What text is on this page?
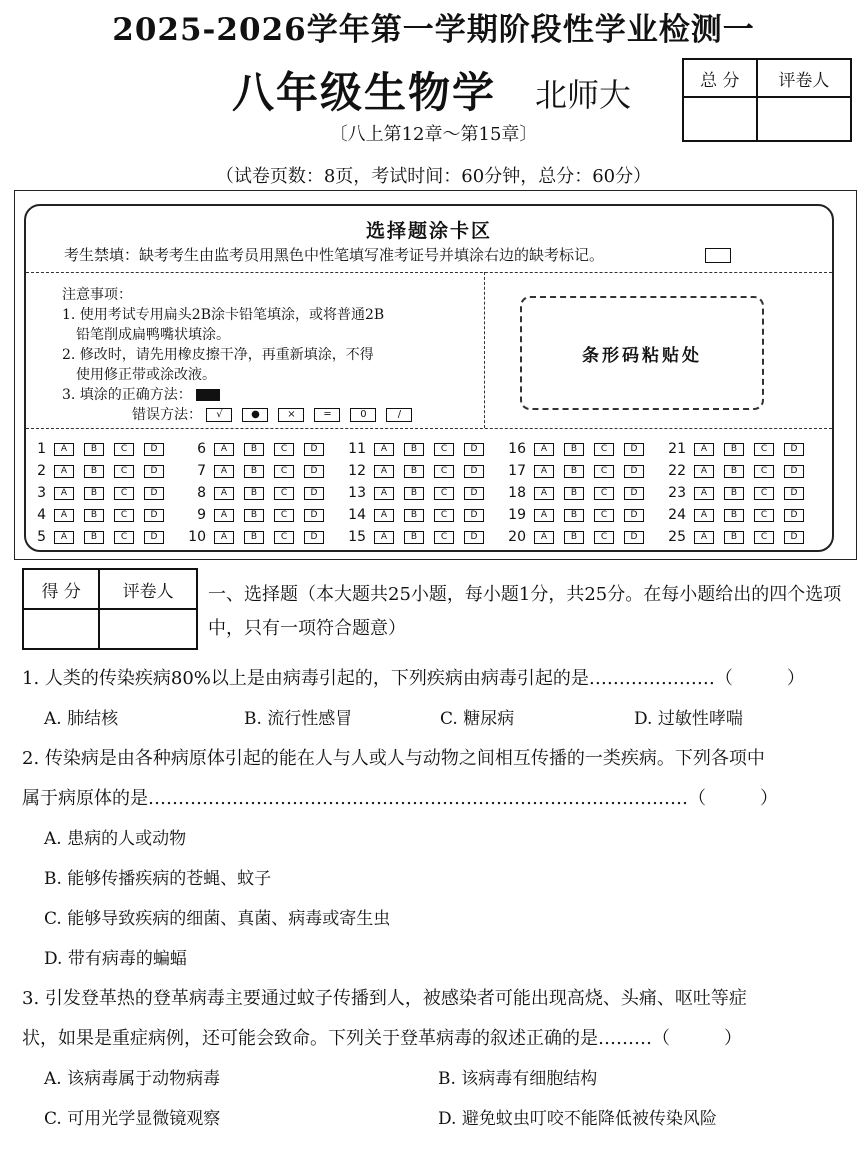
2025-2026学年第一学期阶段性学业检测一
八年级生物学 北师大
〔八上第12章～第15章〕
（试卷页数：8页，考试时间：60分钟，总分：60分）
总 分	评卷人

选择题涂卡区
考生禁填：缺考考生由监考员用黑色中性笔填写准考证号并填涂右边的缺考标记。
注意事项：
1. 使用考试专用扁头2B涂卡铅笔填涂，或将普通2B
铅笔削成扁鸭嘴状填涂。
2. 修改时，请先用橡皮擦干净，再重新填涂，不得
使用修正带或涂改液。
3. 填涂的正确方法：
错误方法： √	●	×	═	0	/
条形码粘贴处
1 A	B	C	D
2 A	B	C	D
3 A	B	C	D
4 A	B	C	D
5 A	B	C	D
6 A	B	C	D
7 A	B	C	D
8 A	B	C	D
9 A	B	C	D
10 A	B	C	D
11 A	B	C	D
12 A	B	C	D
13 A	B	C	D
14 A	B	C	D
15 A	B	C	D
16 A	B	C	D
17 A	B	C	D
18 A	B	C	D
19 A	B	C	D
20 A	B	C	D
21 A	B	C	D
22 A	B	C	D
23 A	B	C	D
24 A	B	C	D
25 A	B	C	D
得 分	评卷人
	一、选择题（本大题共25小题，每小题1分，共25分。在每小题给出的四个选项中，只有一项符合题意）
1. 人类的传染疾病80%以上是由病毒引起的，下列疾病由病毒引起的是…………………（　　　）
A. 肺结核	B. 流行性感冒	C. 糖尿病	D. 过敏性哮喘
2. 传染病是由各种病原体引起的能在人与人或人与动物之间相互传播的一类疾病。下列各项中
属于病原体的是………………………………………………………………………………（　　　）
A. 患病的人或动物
B. 能够传播疾病的苍蝇、蚊子
C. 能够导致疾病的细菌、真菌、病毒或寄生虫
D. 带有病毒的蝙蝠
3. 引发登革热的登革病毒主要通过蚊子传播到人，被感染者可能出现高烧、头痛、呕吐等症
状，如果是重症病例，还可能会致命。下列关于登革病毒的叙述正确的是………（　　　）
A. 该病毒属于动物病毒	B. 该病毒有细胞结构
C. 可用光学显微镜观察	D. 避免蚊虫叮咬不能降低被传染风险
